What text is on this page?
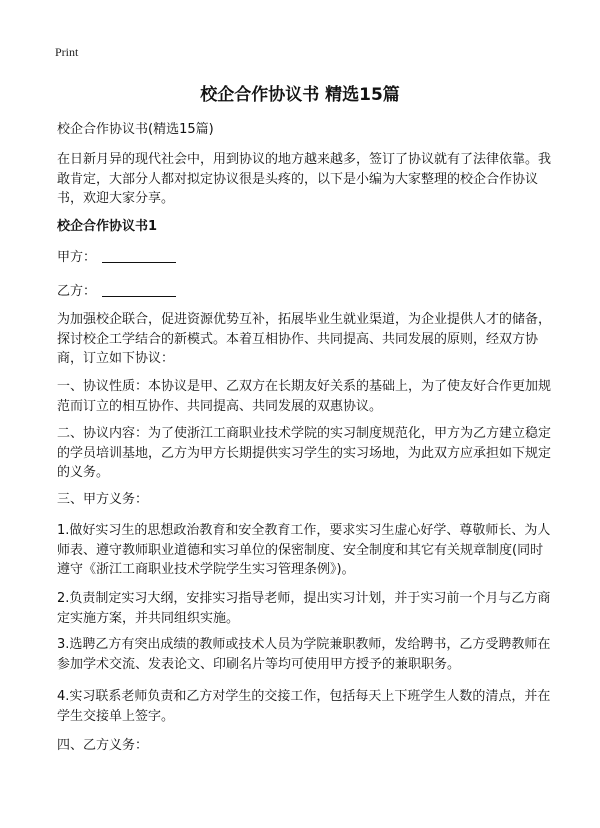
Print
校企合作协议书 精选15篇

校企合作协议书(精选15篇)

在日新月异的现代社会中，用到协议的地方越来越多，签订了协议就有了法律依靠。我敢肯定，大部分人都对拟定协议很是头疼的，以下是小编为大家整理的校企合作协议书，欢迎大家分享。

校企合作协议书1

甲方：

乙方：

为加强校企联合，促进资源优势互补，拓展毕业生就业渠道，为企业提供人才的储备，探讨校企工学结合的新模式。本着互相协作、共同提高、共同发展的原则，经双方协商，订立如下协议：

一、协议性质：本协议是甲、乙双方在长期友好关系的基础上，为了使友好合作更加规范而订立的相互协作、共同提高、共同发展的双惠协议。

二、协议内容：为了使浙江工商职业技术学院的实习制度规范化，甲方为乙方建立稳定的学员培训基地，乙方为甲方长期提供实习学生的实习场地，为此双方应承担如下规定的义务。

三、甲方义务：

1.做好实习生的思想政治教育和安全教育工作，要求实习生虚心好学、尊敬师长、为人师表、遵守教师职业道德和实习单位的保密制度、安全制度和其它有关规章制度(同时遵守《浙江工商职业技术学院学生实习管理条例》)。

2.负责制定实习大纲，安排实习指导老师，提出实习计划，并于实习前一个月与乙方商定实施方案，并共同组织实施。

3.选聘乙方有突出成绩的教师或技术人员为学院兼职教师，发给聘书，乙方受聘教师在参加学术交流、发表论文、印刷名片等均可使用甲方授予的兼职职务。

4.实习联系老师负责和乙方对学生的交接工作，包括每天上下班学生人数的清点，并在学生交接单上签字。

四、乙方义务：
